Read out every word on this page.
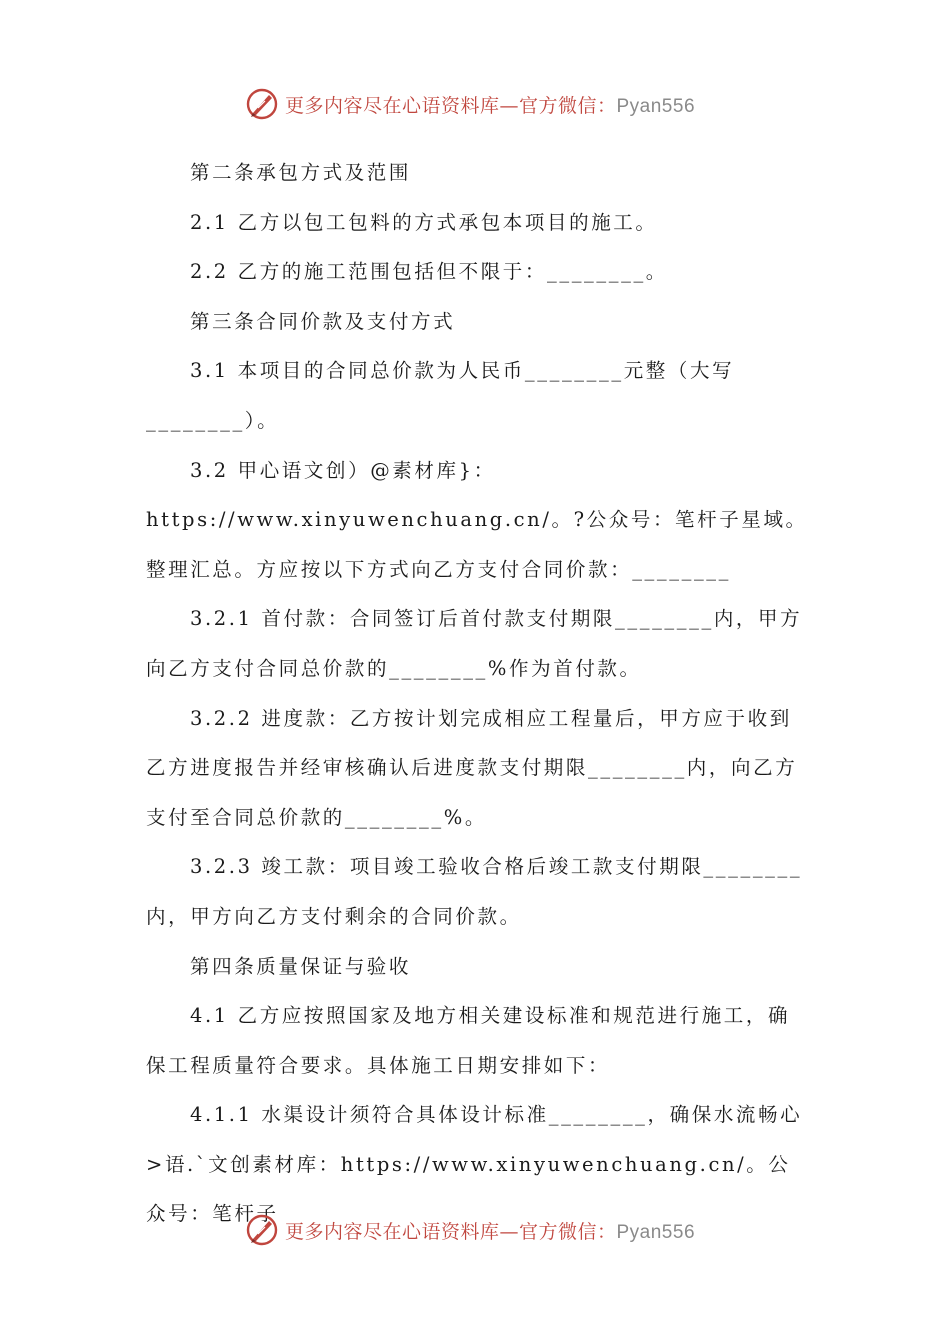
更多内容尽在心语资料库—官方微信：Pyan556

第二条承包方式及范围

2.1 乙方以包工包料的方式承包本项目的施工。

2.2 乙方的施工范围包括但不限于：________。

第三条合同价款及支付方式

3.1 本项目的合同总价款为人民币________元整（大写________）。

3.2 甲心语文创）@素材库}：https://www.xinyuwenchuang.cn/。?公众号：笔杆子星域。整理汇总。方应按以下方式向乙方支付合同价款：________

3.2.1 首付款：合同签订后首付款支付期限________内，甲方向乙方支付合同总价款的________%作为首付款。

3.2.2 进度款：乙方按计划完成相应工程量后，甲方应于收到乙方进度报告并经审核确认后进度款支付期限________内，向乙方支付至合同总价款的________%。

3.2.3 竣工款：项目竣工验收合格后竣工款支付期限________内，甲方向乙方支付剩余的合同价款。

第四条质量保证与验收

4.1 乙方应按照国家及地方相关建设标准和规范进行施工，确保工程质量符合要求。具体施工日期安排如下：

4.1.1 水渠设计须符合具体设计标准________，确保水流畅心>语.`文创素材库：https://www.xinyuwenchuang.cn/。公众号：笔杆子

更多内容尽在心语资料库—官方微信：Pyan556
